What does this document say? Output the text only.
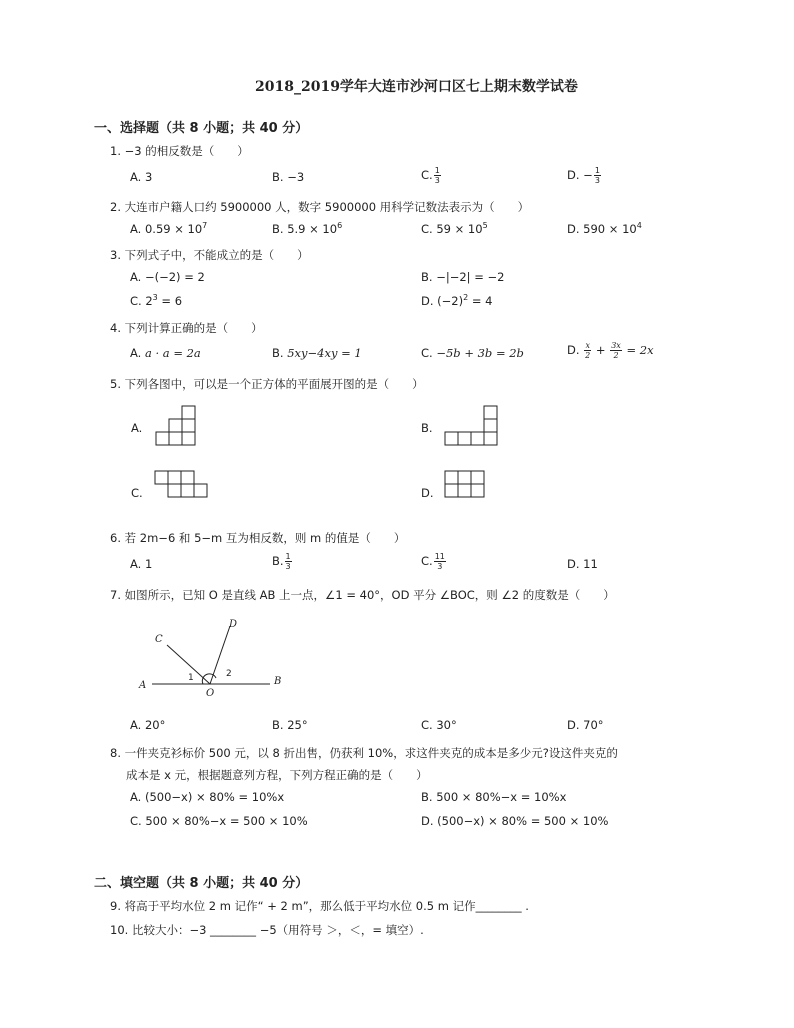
2018_2019学年大连市沙河口区七上期末数学试卷
一、选择题（共 8 小题；共 40 分）
1. −3 的相反数是（　　）
A. 3	B. −3	C. $\frac{1}{3}$	D. − $\frac{1}{3}$
2. 大连市户籍人口约 5900000 人，数字 5900000 用科学记数法表示为（　　）
A. $0.59 \times 10^7$	B. $5.9 \times 10^6$	C. $59 \times 10^5$	D. $590 \times 10^4$
3. 下列式子中，不能成立的是（　　）
A. −(−2) = 2	B. −|−2| = −2
C. $2^3 = 6$	D. $(-2)^2 = 4$
4. 下列计算正确的是（　　）
A. a · a = 2a	B. 5xy−4xy = 1	C. −5b + 3b = 2b	D. $\frac{x}{2} + \frac{3x}{2} = 2x$
5. 下列各图中，可以是一个正方体的平面展开图的是（　　）
A.	B.
C.	D.
6. 若 2m−6 和 5−m 互为相反数，则 m 的值是（　　）
A. 1	B. $\frac{1}{3}$	C. $\frac{11}{3}$	D. 11
7. 如图所示，已知 O 是直线 AB 上一点，∠1 = 40°，OD 平分 ∠BOC，则 ∠2 的度数是（　　）
A	B
C
D
O
1	2
A. 20°	B. 25°	C. 30°	D. 70°
8. 一件夹克衫标价 500 元，以 8 折出售，仍获利 10%，求这件夹克的成本是多少元?设这件夹克的
成本是 x 元，根据题意列方程，下列方程正确的是（　　）
A. (500−x) × 80% = 10%x	B. 500 × 80%−x = 10%x
C. 500 × 80%−x = 500 × 10%	D. (500−x) × 80% = 500 × 10%
二、填空题（共 8 小题；共 40 分）
9. 将高于平均水位 2 m 记作“ + 2 m”，那么低于平均水位 0.5 m 记作________ .
10. 比较大小：−3 ________ −5（用符号 ＞，＜，= 填空）.
